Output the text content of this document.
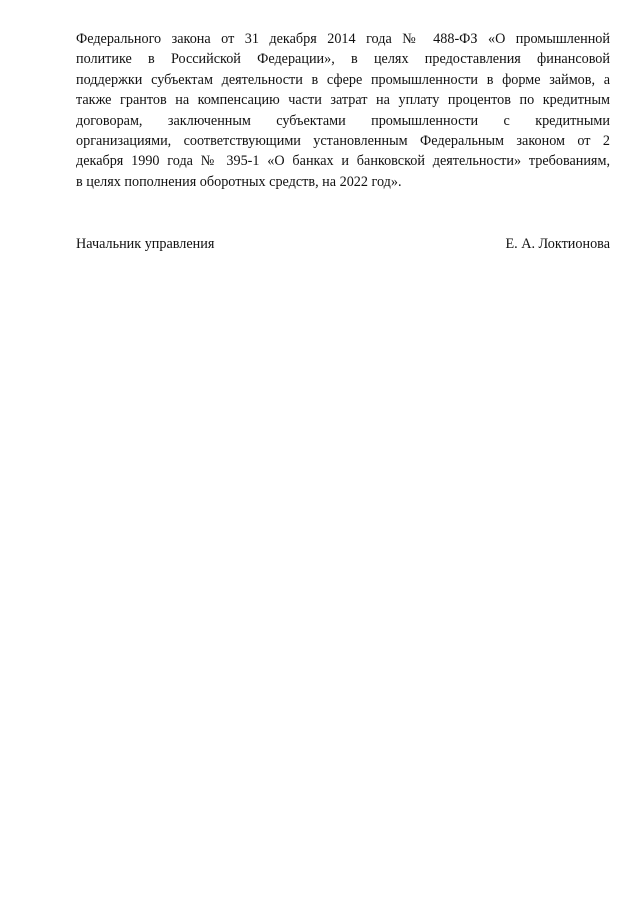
Федерального закона от 31 декабря 2014 года № 488-ФЗ «О промышленной
политике в Российской Федерации», в целях предоставления финансовой
поддержки субъектам деятельности в сфере промышленности в форме займов, а
также грантов на компенсацию части затрат на уплату процентов по кредитным
договорам, заключенным субъектами промышленности с кредитными
организациями, соответствующими установленным Федеральным законом от 2
декабря 1990 года № 395-1 «О банках и банковской деятельности» требованиям,
в целях пополнения оборотных средств, на 2022 год».

Начальник управления	Е. А. Локтионова
